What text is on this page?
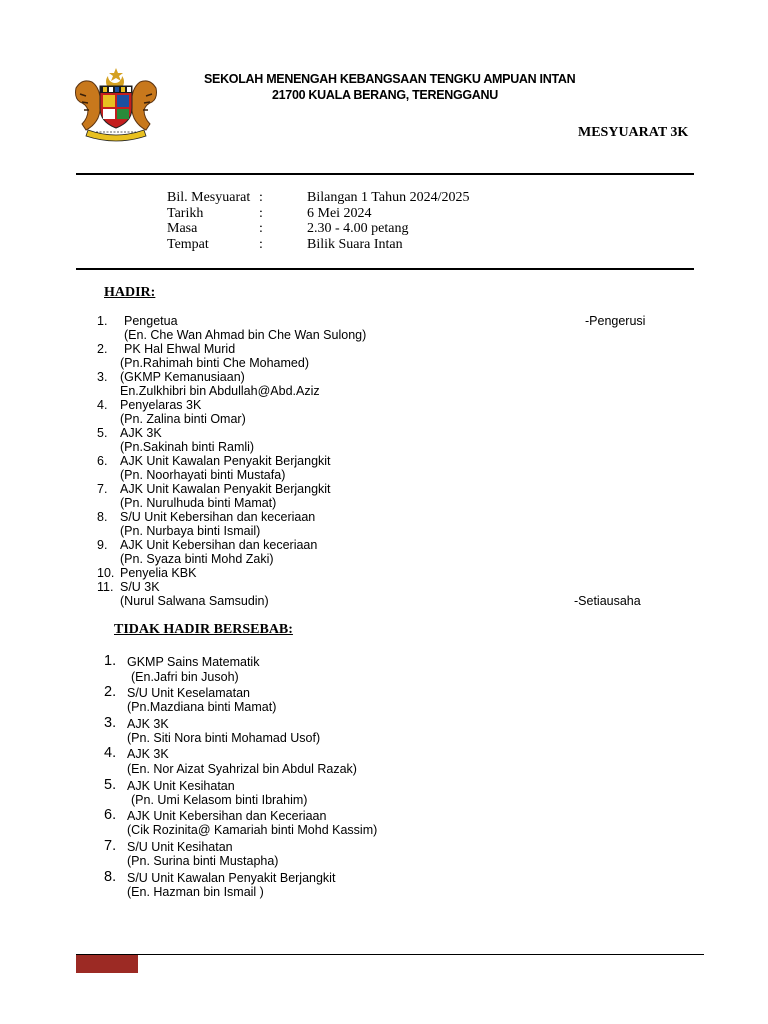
SEKOLAH MENENGAH KEBANGSAAN TENGKU AMPUAN INTAN
21700 KUALA BERANG, TERENGGANU
MESYUARAT 3K
Bil. Mesyuarat :	Bilangan 1 Tahun 2024/2025
Tarikh	:	6 Mei 2024
Masa	:	2.30 - 4.00 petang
Tempat	:	Bilik Suara Intan
HADIR:
1. Pengetua	-Pengerusi
(En. Che Wan Ahmad bin Che Wan Sulong)
2. PK Hal Ehwal Murid
(Pn.Rahimah binti Che Mohamed)
3. (GKMP Kemanusiaan)
En.Zulkhibri bin Abdullah@Abd.Aziz
4. Penyelaras 3K
(Pn. Zalina binti Omar)
5. AJK 3K
(Pn.Sakinah binti Ramli)
6. AJK Unit Kawalan Penyakit Berjangkit
(Pn. Noorhayati binti Mustafa)
7. AJK Unit Kawalan Penyakit Berjangkit
(Pn. Nurulhuda binti Mamat)
8. S/U Unit Kebersihan dan keceriaan
(Pn. Nurbaya binti Ismail)
9. AJK Unit Kebersihan dan keceriaan
(Pn. Syaza binti Mohd Zaki)
10. Penyelia KBK
11. S/U 3K
(Nurul Salwana Samsudin)	-Setiausaha
TIDAK HADIR BERSEBAB:
1. GKMP Sains Matematik
(En.Jafri bin Jusoh)
2. S/U Unit Keselamatan
(Pn.Mazdiana binti Mamat)
3. AJK 3K
(Pn. Siti Nora binti Mohamad Usof)
4. AJK 3K
(En. Nor Aizat Syahrizal bin Abdul Razak)
5. AJK Unit Kesihatan
(Pn. Umi Kelasom binti Ibrahim)
6. AJK Unit Kebersihan dan Keceriaan
(Cik Rozinita@ Kamariah binti Mohd Kassim)
7. S/U Unit Kesihatan
(Pn. Surina binti Mustapha)
8. S/U Unit Kawalan Penyakit Berjangkit
(En. Hazman bin Ismail )
